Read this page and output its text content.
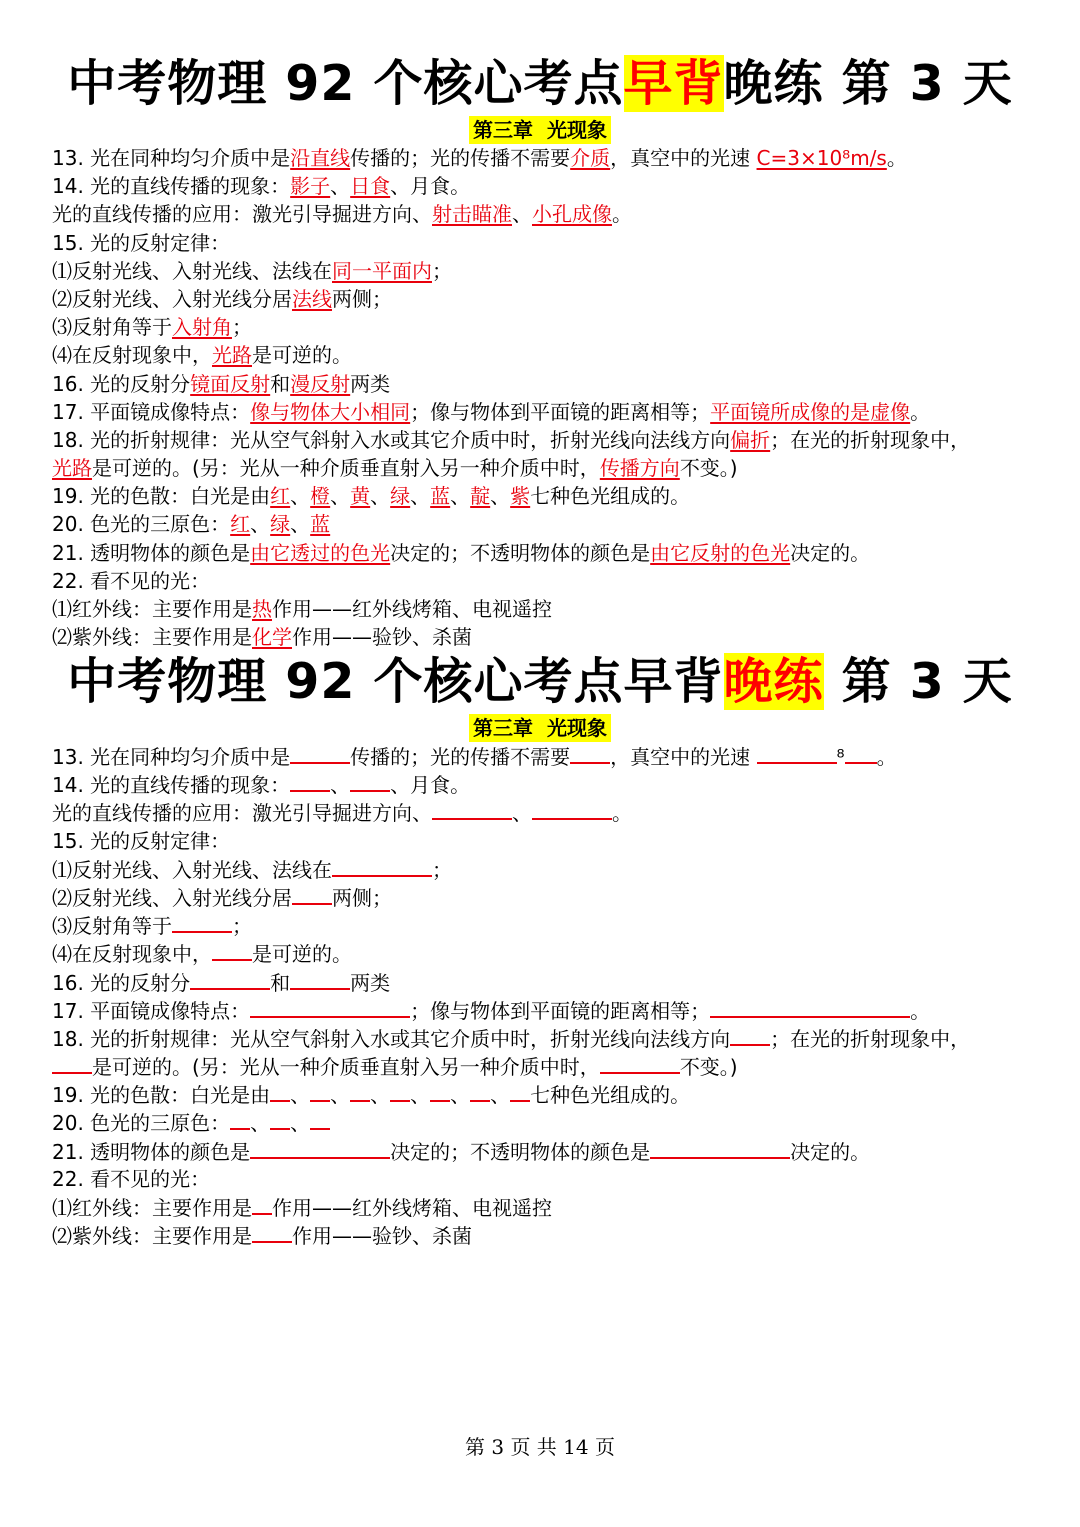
中考物理 92 个核心考点早背晚练 第 3 天
第三章  光现象
13. 光在同种均匀介质中是沿直线传播的；光的传播不需要介质，真空中的光速 C=3×10⁸m/s。
14. 光的直线传播的现象：影子、日食、月食。
光的直线传播的应用：激光引导掘进方向、射击瞄准、小孔成像。
15. 光的反射定律：
⑴反射光线、入射光线、法线在同一平面内；
⑵反射光线、入射光线分居法线两侧；
⑶反射角等于入射角；
⑷在反射现象中，光路是可逆的。
16. 光的反射分镜面反射和漫反射两类
17. 平面镜成像特点：像与物体大小相同；像与物体到平面镜的距离相等；平面镜所成像的是虚像。
18. 光的折射规律：光从空气斜射入水或其它介质中时，折射光线向法线方向偏折；在光的折射现象中，
光路是可逆的。(另：光从一种介质垂直射入另一种介质中时，传播方向不变。)
19. 光的色散：白光是由红、橙、黄、绿、蓝、靛、紫七种色光组成的。
20. 色光的三原色：红、绿、蓝
21. 透明物体的颜色是由它透过的色光决定的；不透明物体的颜色是由它反射的色光决定的。
22. 看不见的光：
⑴红外线：主要作用是热作用——红外线烤箱、电视遥控
⑵紫外线：主要作用是化学作用——验钞、杀菌
中考物理 92 个核心考点早背晚练 第 3 天
第三章  光现象
13. 光在同种均匀介质中是	传播的；光的传播不需要 ，真空中的光速	⁸ 。
14. 光的直线传播的现象： 、 、月食。
光的直线传播的应用：激光引导掘进方向、	、	。
15. 光的反射定律：
⑴反射光线、入射光线、法线在	；
⑵反射光线、入射光线分居 两侧；
⑶反射角等于	；
⑷在反射现象中， 是可逆的。
16. 光的反射分	和	两类
17. 平面镜成像特点：	；像与物体到平面镜的距离相等；	。
18. 光的折射规律：光从空气斜射入水或其它介质中时，折射光线向法线方向 ；在光的折射现象中，
是可逆的。(另：光从一种介质垂直射入另一种介质中时，	不变。)
19. 光的色散：白光是由 、 、 、 、 、 、 七种色光组成的。
20. 色光的三原色： 、 、
21. 透明物体的颜色是	决定的；不透明物体的颜色是	决定的。
22. 看不见的光：
⑴红外线：主要作用是 作用——红外线烤箱、电视遥控
⑵紫外线：主要作用是 作用——验钞、杀菌
第 3 页 共 14 页
